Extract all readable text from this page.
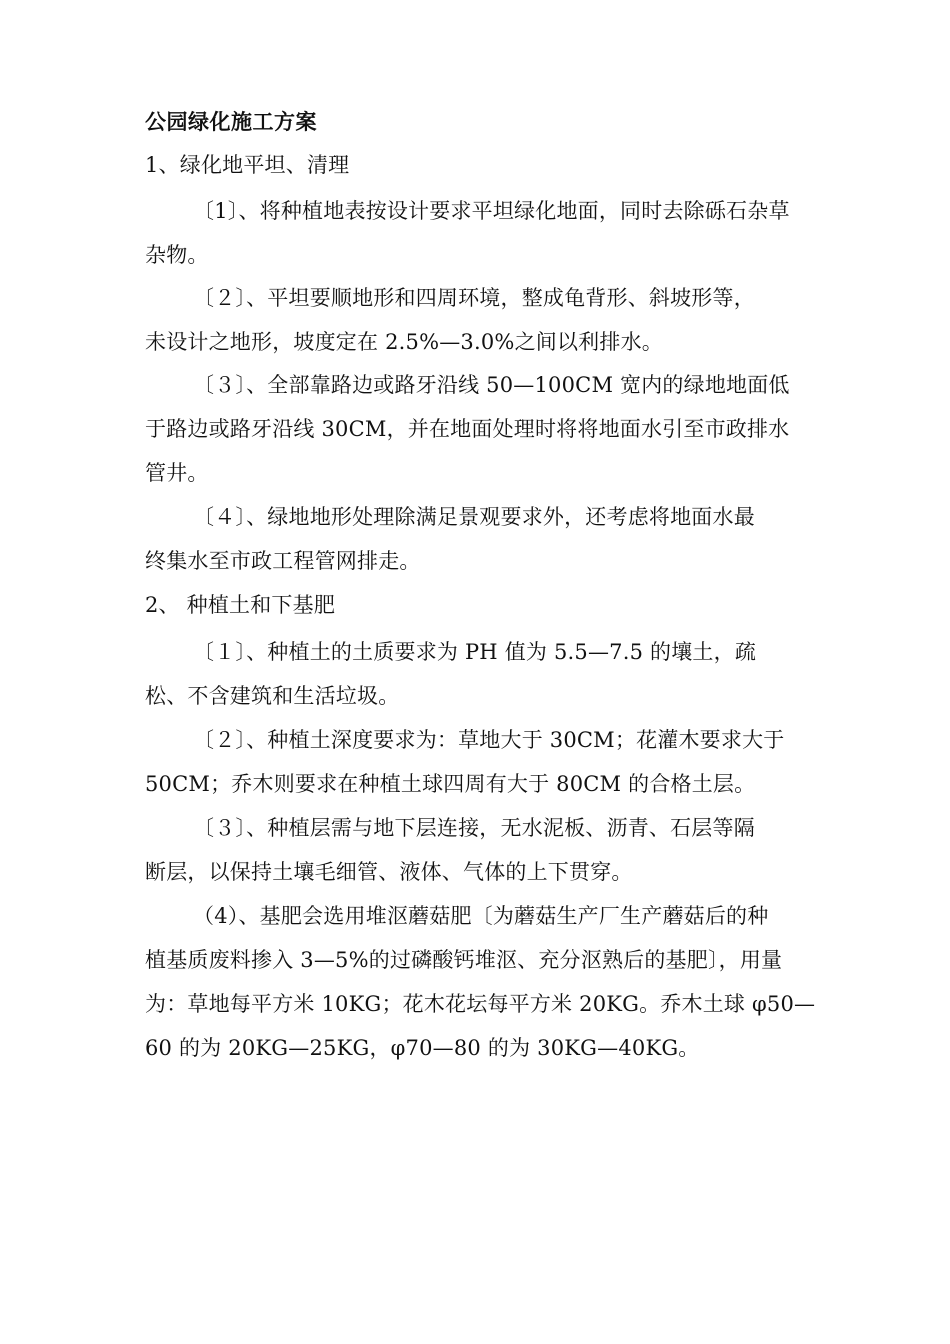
公园绿化施工方案
1、绿化地平坦、清理
〔1〕、将种植地表按设计要求平坦绿化地面，同时去除砾石杂草
杂物。
〔２〕、平坦要顺地形和四周环境，整成龟背形、斜坡形等，
未设计之地形，坡度定在 2.5%—3.0%之间以利排水。
〔３〕、全部靠路边或路牙沿线 50—100CM 宽内的绿地地面低
于路边或路牙沿线 30CM，并在地面处理时将将地面水引至市政排水
管井。
〔４〕、绿地地形处理除满足景观要求外，还考虑将地面水最
终集水至市政工程管网排走。
2、 种植土和下基肥
〔１〕、种植土的土质要求为 PH 值为 5.5—7.5 的壤土，疏
松、不含建筑和生活垃圾。
〔２〕、种植土深度要求为：草地大于 30CM；花灌木要求大于
50CM；乔木则要求在种植土球四周有大于 80CM 的合格土层。
〔３〕、种植层需与地下层连接，无水泥板、沥青、石层等隔
断层，以保持土壤毛细管、液体、气体的上下贯穿。
（4）、基肥会选用堆沤蘑菇肥〔为蘑菇生产厂生产蘑菇后的种
植基质废料掺入 3—5%的过磷酸钙堆沤、充分沤熟后的基肥〕，用量
为：草地每平方米 10KG；花木花坛每平方米 20KG。乔木土球 φ50—
60 的为 20KG—25KG，φ70—80 的为 30KG—40KG。
